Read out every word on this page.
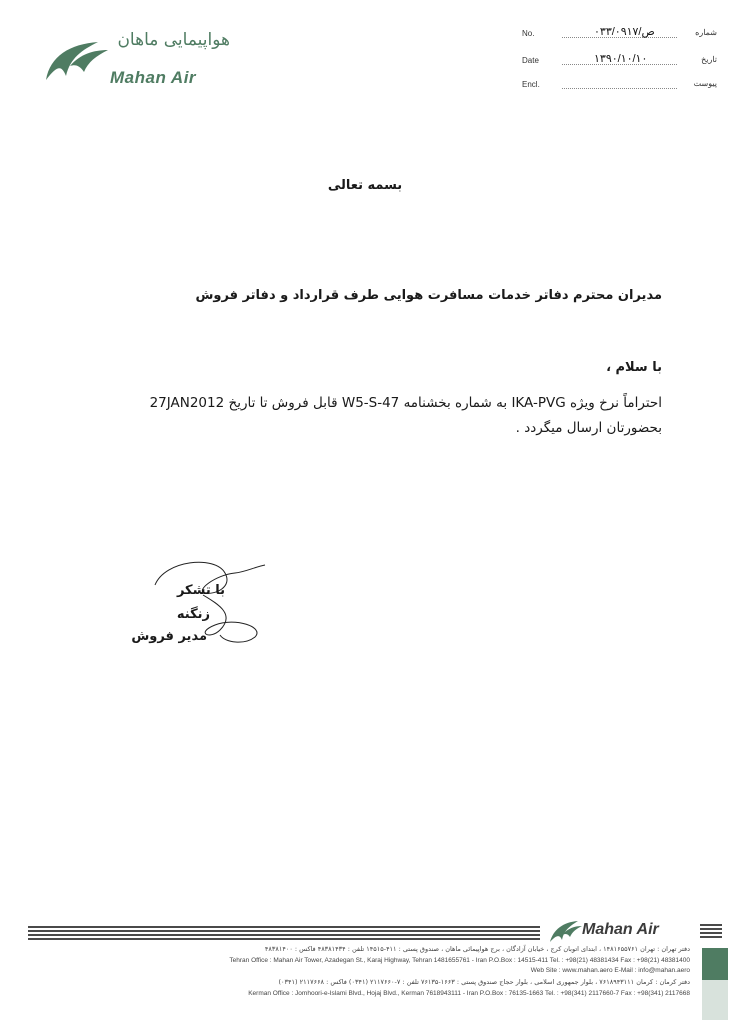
هواپیمایی ماهان
Mahan Air
No.	ص/۰۳۳/۰۹۱۷	شماره
Date	۱۳۹۰/۱۰/۱۰	تاریخ
Encl.	پیوست
بسمه تعالی
مدیران محترم دفاتر خدمات مسافرت هوایی طرف قرارداد و دفاتر فروش
با سلام ،
احتراماً نرخ ویژه IKA-PVG به شماره بخشنامه W5-S-47 قابل فروش تا تاریخ 27JAN2012
بحضورتان ارسال میگردد .
با تشکر
زنگنه
مدیر فروش
Mahan Air
دفتر تهران : تهران ۱۴۸۱۶۵۵۷۶۱ ، ابتدای اتوبان کرج ، خیابان آزادگان ، برج هواپیمائی ماهان ، صندوق پستی : ۴۱۱-۱۴۵۱۵ تلفن : ۴۸۳۸۱۴۳۴ فاکس : ۴۸۳۸۱۴۰۰
Tehran Office : Mahan Air Tower, Azadegan St., Karaj Highway, Tehran 1481655761 - Iran P.O.Box : 14515-411 Tel. : +98(21) 48381434 Fax : +98(21) 48381400
Web Site : www.mahan.aero E-Mail : info@mahan.aero
دفتر کرمان : کرمان ۷۶۱۸۹۴۳۱۱۱ ، بلوار جمهوری اسلامی ، بلوار حجاج صندوق پستی : ۱۶۶۳-۷۶۱۳۵ تلفن : ۷-۲۱۱۷۶۶۰ (۰۳۴۱) فاکس : ۲۱۱۷۶۶۸ (۰۳۴۱)
Kerman Office : Jomhoori-e-Islami Blvd., Hojaj Blvd., Kerman 7618943111 - Iran P.O.Box : 76135-1663 Tel. : +98(341) 2117660-7 Fax : +98(341) 2117668
